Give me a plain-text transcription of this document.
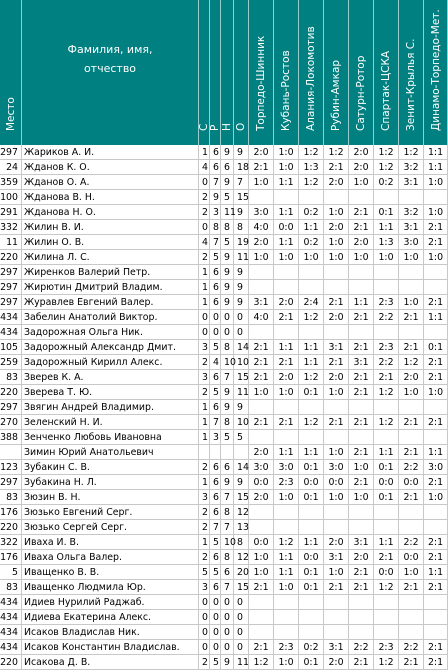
Место
Фамилия, имя,
отчество
С Р Н О Торпедо-Шинник Кубань-Ростов Алания-Локомотив Рубин-Амкар Сатурн-Ротор Спартак-ЦСКА Зенит-Крылья С. Динамо-Торпедо-Мет.
297 Жариков А. И.	1 6 9 9	2:0	1:0	1:2	1:2	2:0	1:2	1:2	1:1
24 Жданов К. О.	4 6 6 18 2:1	1:0	1:3	2:1	2:0	1:2	3:2	1:1
359 Жданов О. А.	0 7 9 7	1:0	1:1	1:2	2:0	1:0	0:2	3:1	1:0
100 Жданова В. Н.	2 9 5 15
291 Жданова Н. О.	2 3 11 9	3:0	1:1	0:2	1:0	2:1	0:1	3:2	1:0
332 Жилин В. И.	0 8 8 8	4:0	0:0	1:1	2:0	2:1	1:1	3:1	2:1
11 Жилин О. В.	4 7 5 19 2:0	1:1	0:2	1:0	2:0	1:3	3:0	2:1
220 Жилина Л. С.	2 5 9 11 1:0	1:0	1:0	1:0	1:0	1:0	1:0	1:0
297 Жиренков Валерий Петр.	1 6 9 9
297 Жирютин Дмитрий Владим.	1 6 9 9
297 Журавлев Евгений Валер.	1 6 9 9	3:1	2:0	2:4	2:1	1:1	2:3	1:0	2:1
434 Забелин Анатолий Виктор.	0 0 0 0	4:0	2:1	1:2	2:0	2:1	2:2	2:1	1:1
434 Задорожная Ольга Ник.	0 0 0 0
105 Задорожный Александр Дмит.	3 5 8 14 2:1	1:1	1:1	3:1	2:1	2:3	2:1	0:1
259 Задорожный Кирилл Алекс.	2 4 10 10 2:1	2:1	1:1	2:1	3:1	2:2	1:2	2:1
83 Зверев К. А.	3 6 7 15 2:1	2:0	1:2	2:0	2:1	2:1	2:0	2:1
220 Зверева Т. Ю.	2 5 9 11 1:0	1:0	0:1	1:0	2:1	1:2	1:0	1:0
297 Звягин Андрей Владимир.	1 6 9 9
270 Зеленский Н. И.	1 7 8 10 2:1	2:1	1:2	2:1	2:1	1:2	2:1	2:1
388 Зенченко Любовь Ивановна	1 3 5 5
Зимин Юрий Анатольевич	2:0	1:1	1:1	1:0	2:1	1:1	2:1	1:1
123 Зубакин С. В.	2 6 6 14 3:0	3:0	0:1	3:0	1:0	0:1	2:2	3:0
297 Зубакина Н. Л.	1 6 9 9	0:0	2:3	0:0	0:0	2:1	0:0	0:0	2:1
83 Зюзин В. Н.	3 6 7 15 2:0	1:0	0:1	1:0	1:0	0:1	2:1	1:0
176 Зюзько Евгений Серг.	2 6 8 12
220 Зюзько Сергей Серг.	2 7 7 13
322 Иваха И. В.	1 5 10 8	0:0	1:2	1:1	2:0	3:1	1:1	2:2	2:1
176 Иваха Ольга Валер.	2 6 8 12 1:0	1:1	0:0	3:1	2:0	2:1	0:0	2:1
5 Иващенко В. В.	5 5 6 20 1:0	1:1	0:1	1:0	2:1	0:0	1:0	1:1
83 Иващенко Людмила Юр.	3 6 7 15 2:1	1:0	0:1	2:1	2:1	1:2	2:1	2:1
434 Идиев Нурилий Раджаб.	0 0 0 0
434 Идиева Екатерина Алекс.	0 0 0 0
434 Исаков Владислав Ник.	0 0 0 0
434 Исаков Константин Владислав.	0 0 0 0	2:1	2:3	0:2	3:1	2:2	2:3	2:2	2:1
220 Исакова Д. В.	2 5 9 11 1:2	1:0	0:1	2:0	2:1	1:2	2:1	2:1
